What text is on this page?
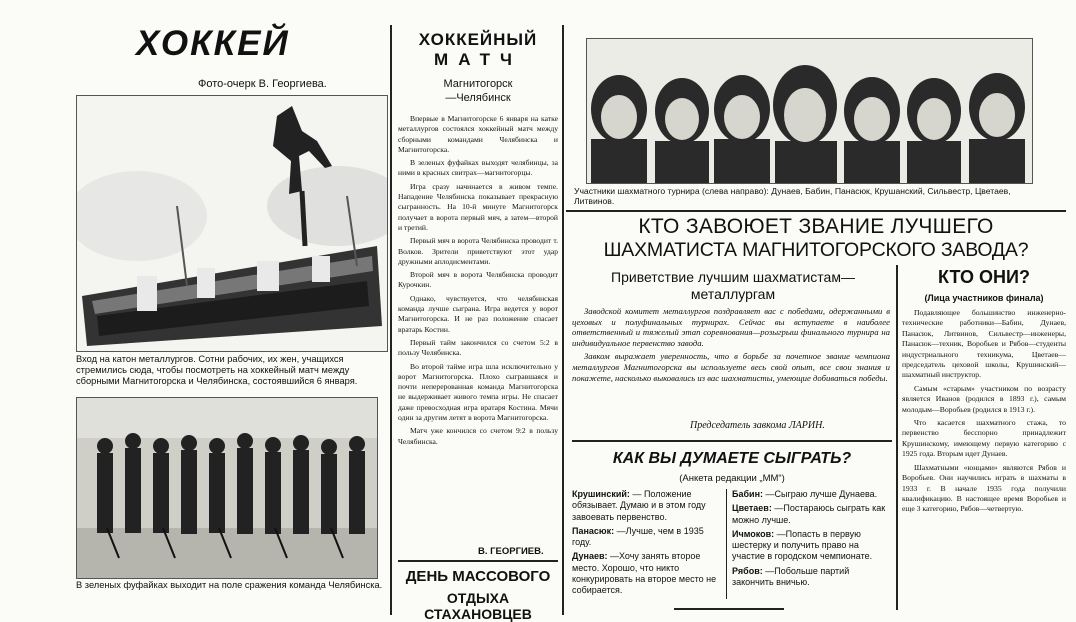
ХОККЕЙ
Фото-очерк В. Георгиева.
Вход на катон металлургов. Сотни рабочих, их жен, учащихся стремились сюда, чтобы посмотреть на хоккейный матч между сборными Магнитогорска и Челябинска, состоявшийся 6 января.
В зеленых фуфайках выходит на поле сражения команда Челябинска.
ХОККЕЙНЫЙ
МАТЧ
Магнитогорск
—Челябинск

Впервые в Магнитогорске 6 января на катке металлургов состоялся хоккейный матч между сборными командами Челябинска и Магнитогорска.

В зеленых фуфайках выходят челябинцы, за ними в красных свитрах—магнитогорцы.

Игра сразу начинается в живом темпе. Нападение Челябинска показывает прекрасную сыгранность. На 10-й минуте Магнитогорск получает в ворота первый мяч, а затем—второй и третий.

Первый мяч в ворота Челябинска проводит т. Волков. Зрители приветствуют этот удар дружными аплодисментами.

Второй мяч в ворота Челябинска проводит Курочкин.

Однако, чувствуется, что челябинская команда лучше сыграна. Игра ведется у ворот Магнитогорска. И не раз положение спасает вратарь Костин.

Первый тайм закончился со счетом 5:2 в пользу Челябинска.

Во второй тайме игра шла исключительно у ворот Магнитогорска. Плохо сыгравшаяся и почти неперерованная команда Магнитогорска не выдерживает живого темпа игры. Не спасает даже превосходная игра вратаря Костина. Мячи один за другим летят в ворота Магнитогорска.

Матч уже кончился со счетом 9:2 в пользу Челябинска.

В. ГЕОРГИЕВ.
ДЕНЬ МАССОВОГО
ОТДЫХА СТАХАНОВЦЕВ
Участники шахматного турнира (слева направо): Дунаев, Бабин, Панасюк, Крушанский, Сильвестр, Цветаев, Литвинов.
КТО ЗАВОЮЕТ ЗВАНИЕ ЛУЧШЕГО
ШАХМАТИСТА МАГНИТОГОРСКОГО ЗАВОДА?
Приветствие лучшим шахматистам—
металлургам

Заводской комитет металлургов поздравляет вас с победами, одержанными в цеховых и полуфинальных турнирах. Сейчас вы вступаете в наиболее ответственный и тяжелый этап соревнования—розыгрыш финального турнира на индивидуальное первенство завода.

Завком выражает уверенность, что в борьбе за почетное звание чемпиона металлургов Магнитогорска вы используете весь свой опыт, все свои знания и покажете, насколько выковались из вас шахматисты, умеющие добиваться победы.

Председатель завкома ЛАРИН.
КАК ВЫ ДУМАЕТЕ СЫГРАТЬ?
(Анкета редакции „ММ“)

Крушинский: — Положение обязывает. Думаю и в этом году завоевать первенство.

Панасюк: —Лучше, чем в 1935 году.

Дунаев: —Хочу занять второе место. Хорошо, что никто конкурировать на второе место не собирается.

Бабин: —Сыграю лучше Дунаева.

Цветаев: —Постараюсь сыграть как можно лучше.

Ичмоков: —Попасть в первую шестерку и получить право на участие в городском чемпионате.

Рябов: —Побольше партий закончить вничью.

КТО ОНИ?
(Лица участников финала)

Подавляющее большинство инженерно-технические работники—Бабин, Дунаев, Панасюк, Литвинов, Сильвестр—инженеры, Панасюк—техник, Воробьев и Рябов—студенты индустриального техникума, Цветаев—председатель цеховой школы, Крушинский—шахматный инструктор.

Самым «старым» участником по возрасту является Иванов (родился в 1893 г.), самым молодым—Воробьев (родился в 1913 г.).

Что касается шахматного стажа, то первенство бесспорно принадлежит Крушинскому, имеющему первую категорию с 1925 года. Вторым идет Дунаев.

Шахматными «юнцами» являются Рябов и Воробьев. Они научились играть в шахматы в 1933 г. В начале 1935 года получили квалификацию. В настоящее время Воробьев и еще 3 категорию, Рябов—четвертую.
